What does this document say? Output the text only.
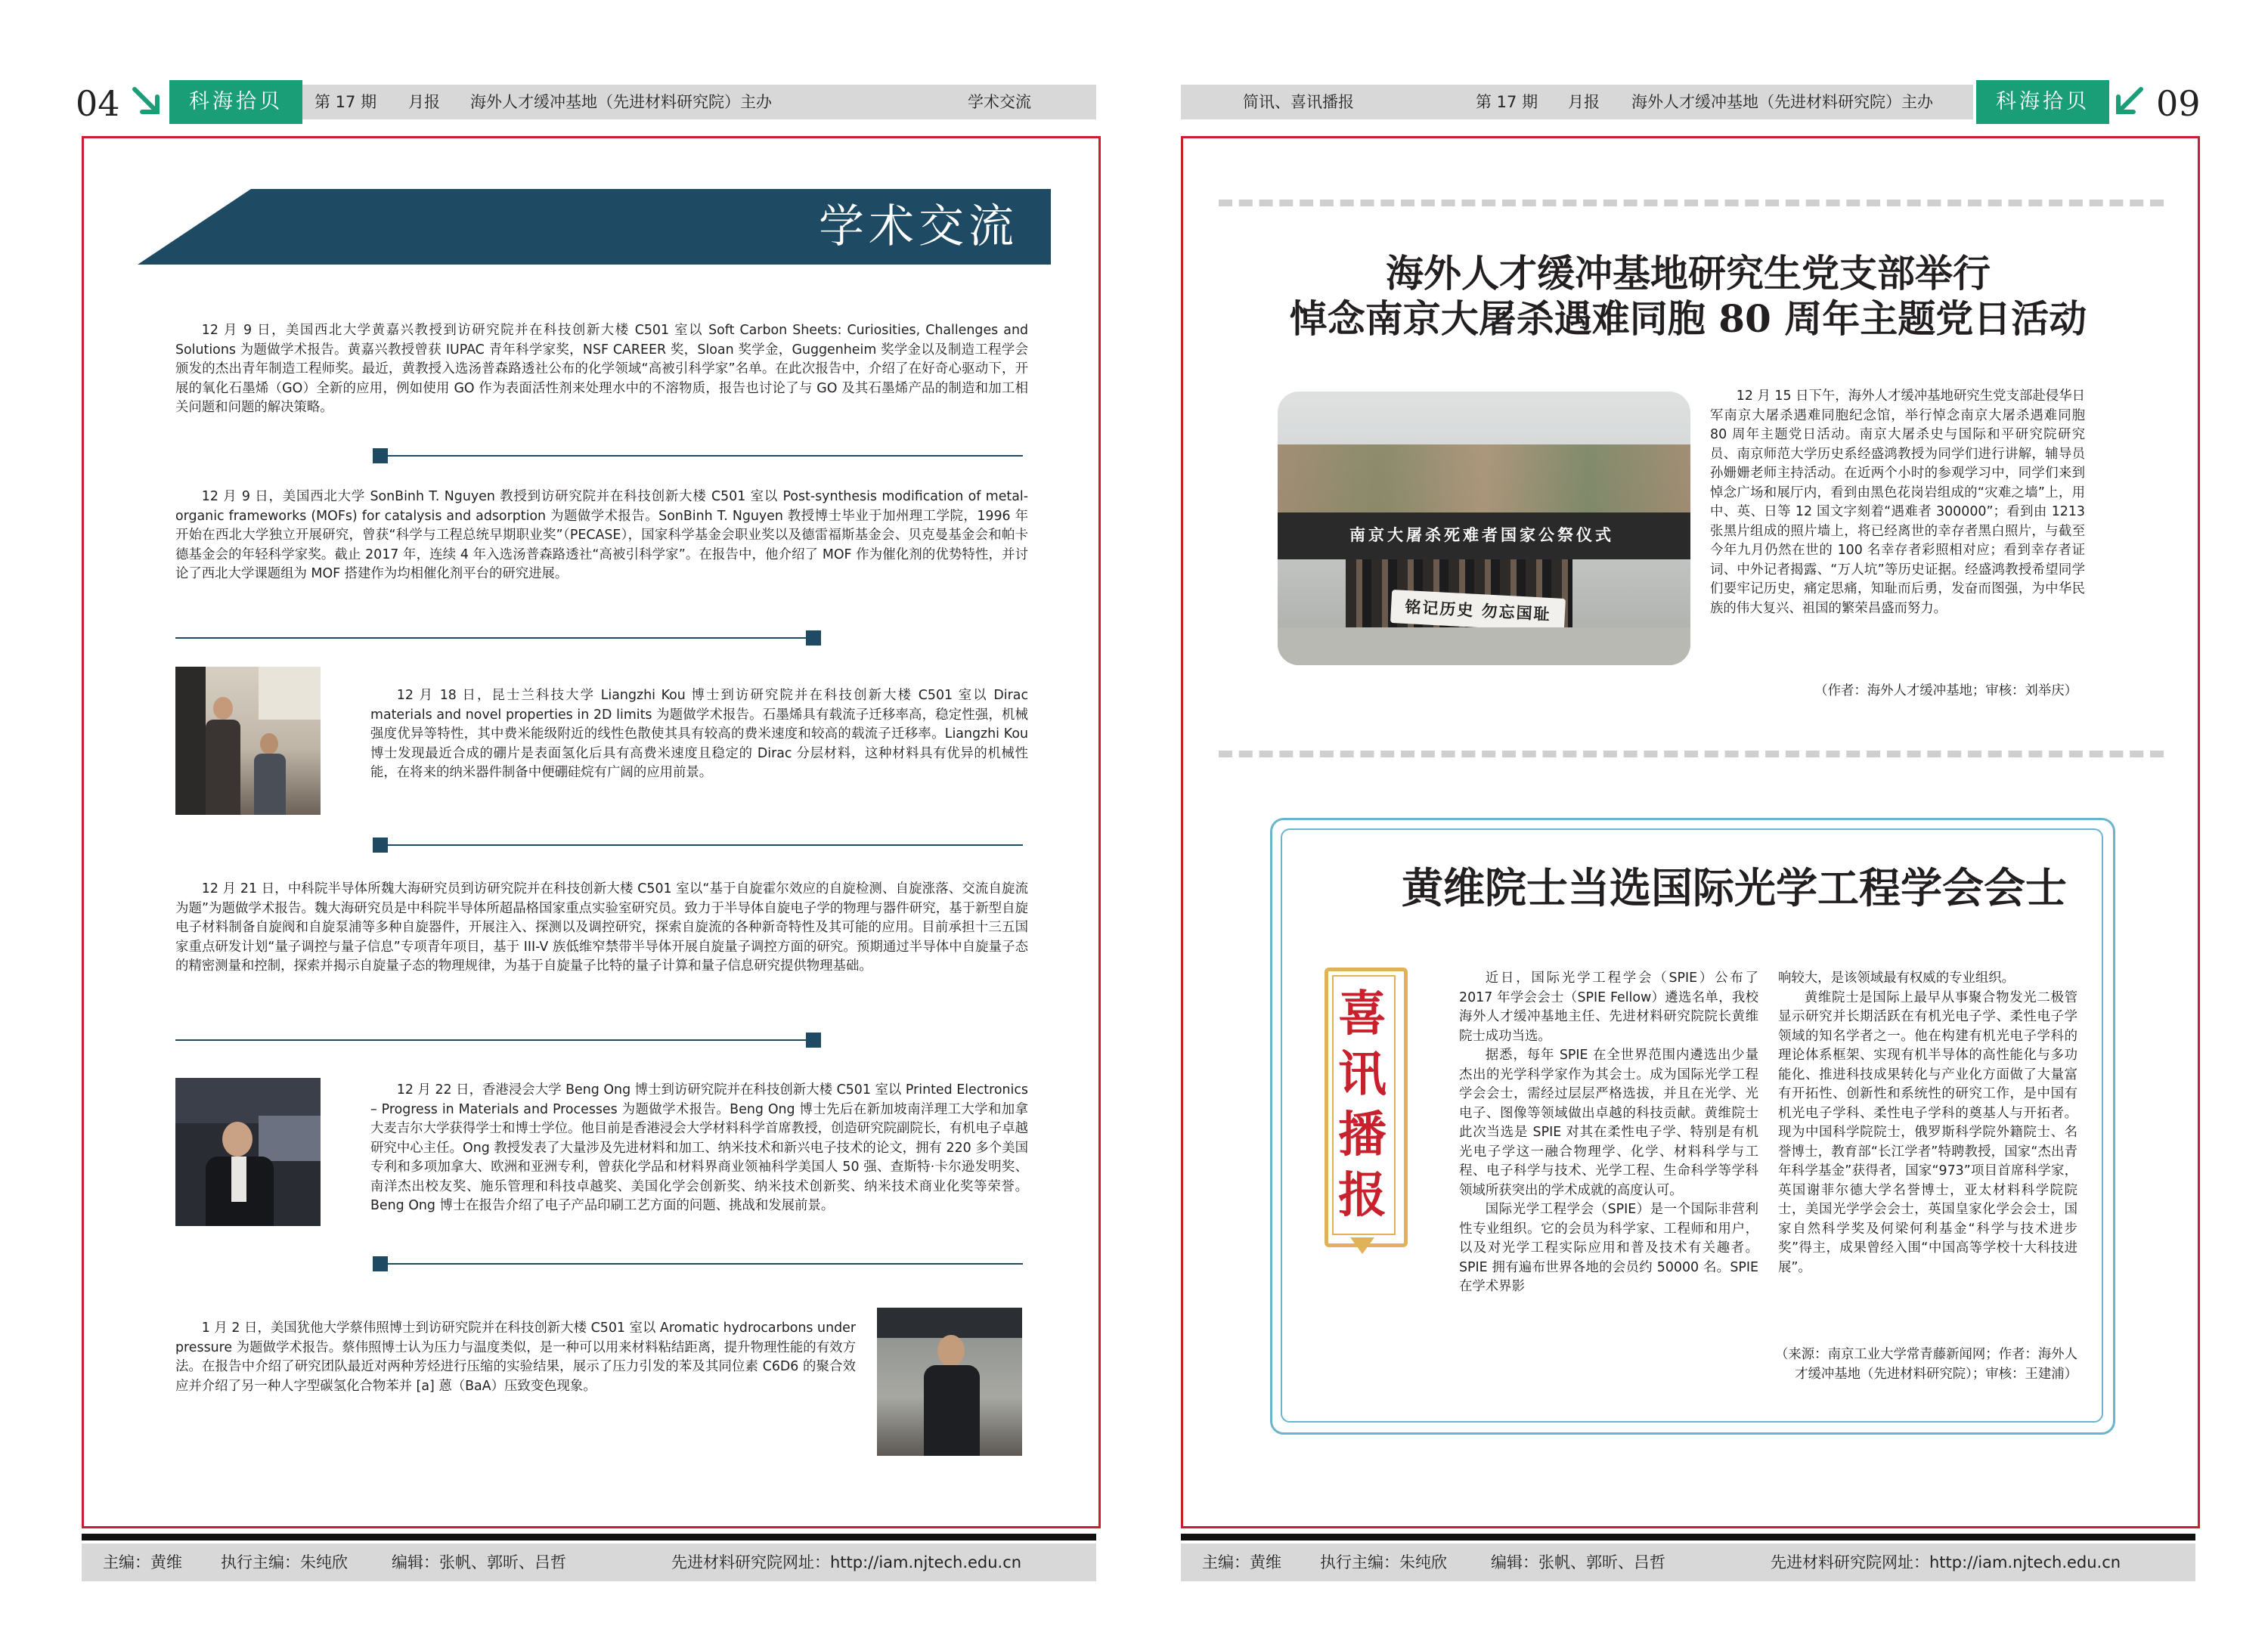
04	科海拾贝	第 17 期 月报 海外人才缓冲基地（先进材料研究院）主办	学术交流
学术交流

12 月 9 日，美国西北大学黄嘉兴教授到访研究院并在科技创新大楼 C501 室以 Soft Carbon Sheets: Curiosities, Challenges and Solutions 为题做学术报告。黄嘉兴教授曾获 IUPAC 青年科学家奖，NSF CAREER 奖，Sloan 奖学金，Guggenheim 奖学金以及制造工程学会颁发的杰出青年制造工程师奖。最近，黄教授入选汤普森路透社公布的化学领域“高被引科学家”名单。在此次报告中，介绍了在好奇心驱动下，开展的氧化石墨烯（GO）全新的应用，例如使用 GO 作为表面活性剂来处理水中的不溶物质，报告也讨论了与 GO 及其石墨烯产品的制造和加工相关问题和问题的解决策略。

12 月 9 日，美国西北大学 SonBinh T. Nguyen 教授到访研究院并在科技创新大楼 C501 室以 Post-synthesis modification of metal-organic frameworks (MOFs) for catalysis and adsorption 为题做学术报告。SonBinh T. Nguyen 教授博士毕业于加州理工学院，1996 年开始在西北大学独立开展研究，曾获“科学与工程总统早期职业奖”（PECASE），国家科学基金会职业奖以及德雷福斯基金会、贝克曼基金会和帕卡德基金会的年轻科学家奖。截止 2017 年，连续 4 年入选汤普森路透社“高被引科学家”。在报告中，他介绍了 MOF 作为催化剂的优势特性，并讨论了西北大学课题组为 MOF 搭建作为均相催化剂平台的研究进展。

12 月 18 日，昆士兰科技大学 Liangzhi Kou 博士到访研究院并在科技创新大楼 C501 室以 Dirac materials and novel properties in 2D limits 为题做学术报告。石墨烯具有载流子迁移率高，稳定性强，机械强度优异等特性，其中费米能级附近的线性色散使其具有较高的费米速度和较高的载流子迁移率。Liangzhi Kou 博士发现最近合成的硼片是表面氢化后具有高费米速度且稳定的 Dirac 分层材料，这种材料具有优异的机械性能，在将来的纳米器件制备中便硼硅烷有广阔的应用前景。

12 月 21 日，中科院半导体所魏大海研究员到访研究院并在科技创新大楼 C501 室以“基于自旋霍尔效应的自旋检测、自旋涨落、交流自旋流为题”为题做学术报告。魏大海研究员是中科院半导体所超晶格国家重点实验室研究员。致力于半导体自旋电子学的物理与器件研究，基于新型自旋电子材料制备自旋阀和自旋泵浦等多种自旋器件，开展注入、探测以及调控研究，探索自旋流的各种新奇特性及其可能的应用。目前承担十三五国家重点研发计划“量子调控与量子信息”专项青年项目，基于 III-V 族低维窄禁带半导体开展自旋量子调控方面的研究。预期通过半导体中自旋量子态的精密测量和控制，探索并揭示自旋量子态的物理规律，为基于自旋量子比特的量子计算和量子信息研究提供物理基础。

12 月 22 日，香港浸会大学 Beng Ong 博士到访研究院并在科技创新大楼 C501 室以 Printed Electronics – Progress in Materials and Processes 为题做学术报告。Beng Ong 博士先后在新加坡南洋理工大学和加拿大麦吉尔大学获得学士和博士学位。他目前是香港浸会大学材料科学首席教授，创造研究院副院长，有机电子卓越研究中心主任。Ong 教授发表了大量涉及先进材料和加工、纳米技术和新兴电子技术的论文，拥有 220 多个美国专利和多项加拿大、欧洲和亚洲专利，曾获化学品和材料界商业领袖科学美国人 50 强、查斯特·卡尔逊发明奖、南洋杰出校友奖、施乐管理和科技卓越奖、美国化学会创新奖、纳米技术创新奖、纳米技术商业化奖等荣誉。Beng Ong 博士在报告介绍了电子产品印刷工艺方面的问题、挑战和发展前景。

1 月 2 日，美国犹他大学蔡伟照博士到访研究院并在科技创新大楼 C501 室以 Aromatic hydrocarbons under pressure 为题做学术报告。蔡伟照博士认为压力与温度类似，是一种可以用来材料粘结距离，提升物理性能的有效方法。在报告中介绍了研究团队最近对两种芳烃进行压缩的实验结果，展示了压力引发的苯及其同位素 C6D6 的聚合效应并介绍了另一种人字型碳氢化合物苯并 [a] 蒽（BaA）压致变色现象。

主编：黄维 执行主编：朱纯欣	编辑：张帆、郭昕、吕哲	先进材料研究院网址：http://iam.njtech.edu.cn
简讯、喜讯播报	第 17 期 月报 海外人才缓冲基地（先进材料研究院）主办	科海拾贝	09
海外人才缓冲基地研究生党支部举行
悼念南京大屠杀遇难同胞 80 周年主题党日活动
南京大屠杀死难者国家公祭仪式
铭记历史 勿忘国耻

12 月 15 日下午，海外人才缓冲基地研究生党支部赴侵华日军南京大屠杀遇难同胞纪念馆，举行悼念南京大屠杀遇难同胞 80 周年主题党日活动。南京大屠杀史与国际和平研究院研究员、南京师范大学历史系经盛鸿教授为同学们进行讲解，辅导员孙姗姗老师主持活动。在近两个小时的参观学习中，同学们来到悼念广场和展厅内，看到由黑色花岗岩组成的“灾难之墙”上，用中、英、日等 12 国文字刻着“遇难者 300000”；看到由 1213 张黑片组成的照片墙上，将已经离世的幸存者黑白照片，与截至今年九月仍然在世的 100 名幸存者彩照相对应；看到幸存者证词、中外记者揭露、“万人坑”等历史证据。经盛鸿教授希望同学们要牢记历史，痛定思痛，知耻而后勇，发奋而图强，为中华民族的伟大复兴、祖国的繁荣昌盛而努力。

（作者：海外人才缓冲基地；审核：刘举庆）
黄维院士当选国际光学工程学会会士
喜讯播报

近日，国际光学工程学会（SPIE）公布了 2017 年学会会士（SPIE Fellow）遴选名单，我校海外人才缓冲基地主任、先进材料研究院院长黄维院士成功当选。

据悉，每年 SPIE 在全世界范围内遴选出少量杰出的光学科学家作为其会士。成为国际光学工程学会会士，需经过层层严格选拔，并且在光学、光电子、图像等领域做出卓越的科技贡献。黄维院士此次当选是 SPIE 对其在柔性电子学、特别是有机光电子学这一融合物理学、化学、材料科学与工程、电子科学与技术、光学工程、生命科学等学科领域所获突出的学术成就的高度认可。

国际光学工程学会（SPIE）是一个国际非营利性专业组织。它的会员为科学家、工程师和用户，以及对光学工程实际应用和普及技术有关趣者。SPIE 拥有遍布世界各地的会员约 50000 名。SPIE 在学术界影

响较大，是该领域最有权威的专业组织。

黄维院士是国际上最早从事聚合物发光二极管显示研究并长期活跃在有机光电子学、柔性电子学领域的知名学者之一。他在构建有机光电子学科的理论体系框架、实现有机半导体的高性能化与多功能化、推进科技成果转化与产业化方面做了大量富有开拓性、创新性和系统性的研究工作，是中国有机光电子学科、柔性电子学科的奠基人与开拓者。现为中国科学院院士，俄罗斯科学院外籍院士、名誉博士，教育部“长江学者”特聘教授，国家“杰出青年科学基金”获得者，国家“973”项目首席科学家，英国谢菲尔德大学名誉博士，亚太材料科学院院士，美国光学学会会士，英国皇家化学会会士，国家自然科学奖及何梁何利基金“科学与技术进步奖”得主，成果曾经入围“中国高等学校十大科技进展”。

（来源：南京工业大学常青藤新闻网；作者：海外人
才缓冲基地（先进材料研究院）；审核：王建浦）
主编：黄维 执行主编：朱纯欣	编辑：张帆、郭昕、吕哲	先进材料研究院网址：http://iam.njtech.edu.cn
